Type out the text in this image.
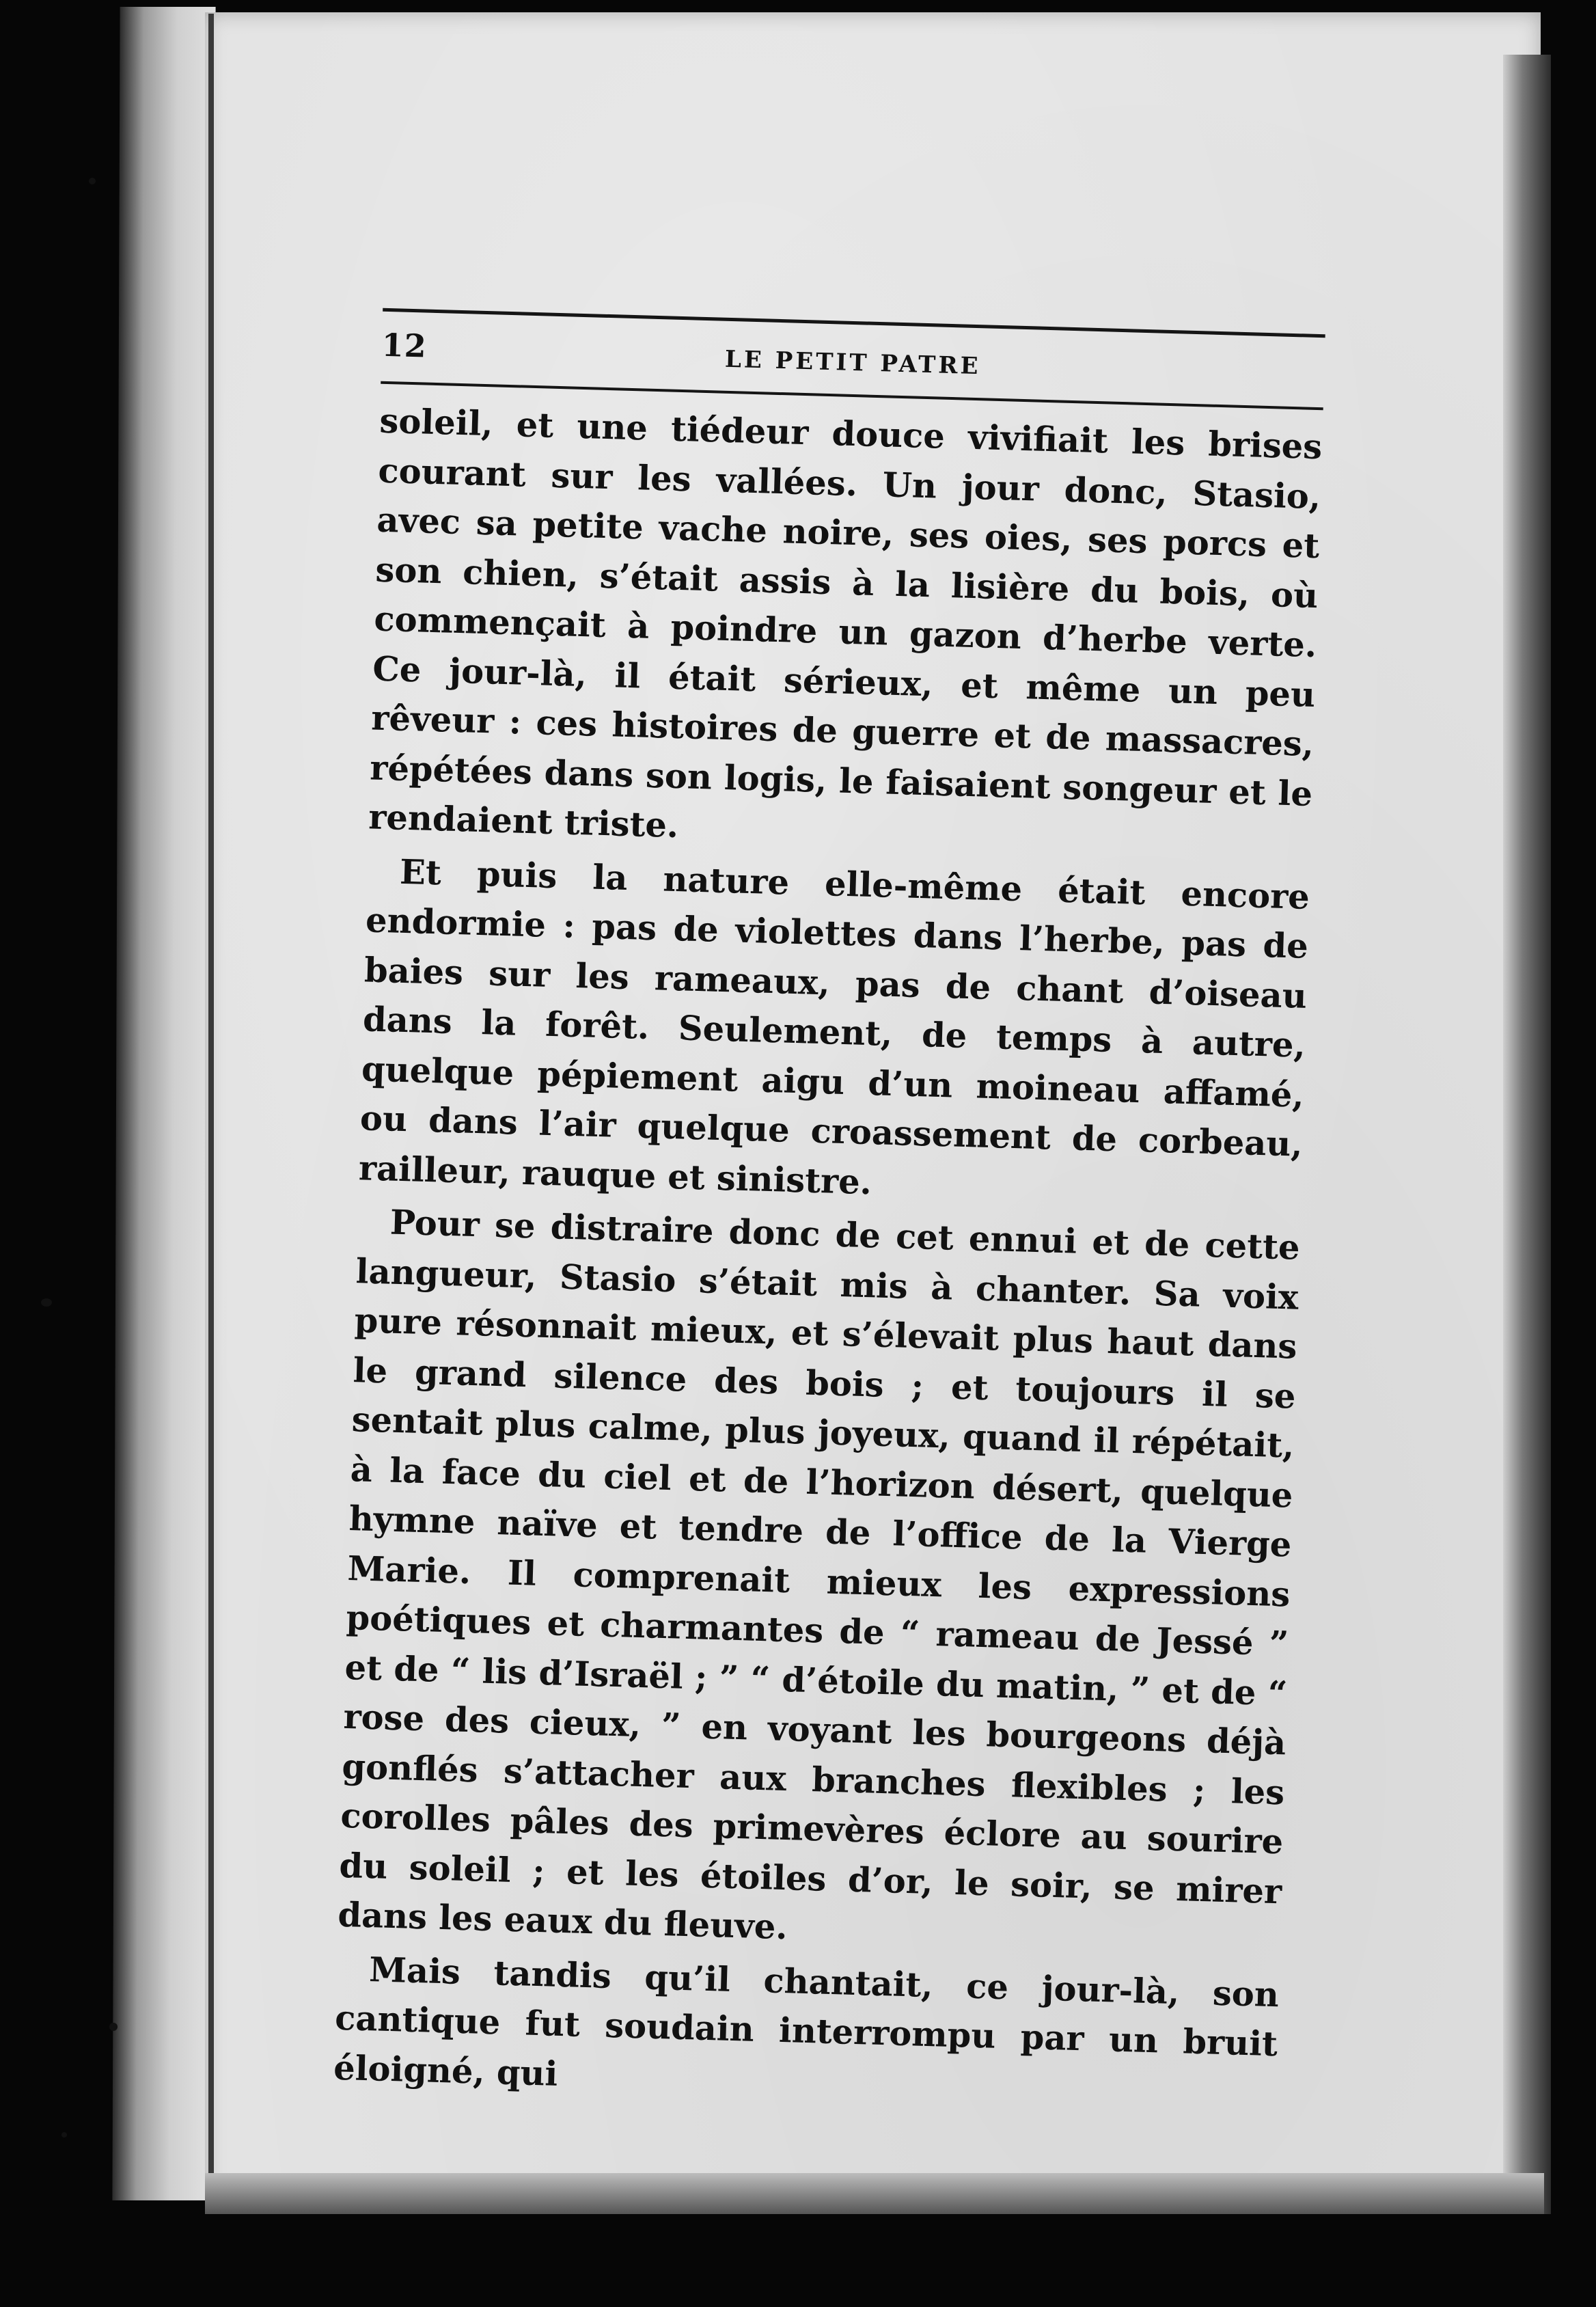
12	LE PETIT PATRE

soleil, et une tiédeur douce vivifiait les brises courant sur les vallées. Un jour donc, Stasio, avec sa petite vache noire, ses oies, ses porcs et son chien, s’était assis à la lisière du bois, où commençait à poindre un gazon d’herbe verte. Ce jour-là, il était sérieux, et même un peu rêveur : ces histoires de guerre et de massacres, répétées dans son logis, le faisaient songeur et le rendaient triste.

Et puis la nature elle-même était encore endormie : pas de violettes dans l’herbe, pas de baies sur les rameaux, pas de chant d’oiseau dans la forêt. Seulement, de temps à autre, quelque pépiement aigu d’un moineau affamé, ou dans l’air quelque croassement de corbeau, railleur, rauque et sinistre.

Pour se distraire donc de cet ennui et de cette langueur, Stasio s’était mis à chanter. Sa voix pure résonnait mieux, et s’élevait plus haut dans le grand silence des bois ; et toujours il se sentait plus calme, plus joyeux, quand il répétait, à la face du ciel et de l’horizon désert, quelque hymne naïve et tendre de l’office de la Vierge Marie. Il comprenait mieux les expressions poétiques et charmantes de “ rameau de Jessé ” et de “ lis d’Israël ; ” “ d’étoile du matin, ” et de “ rose des cieux, ” en voyant les bourgeons déjà gonflés s’attacher aux branches flexibles ; les corolles pâles des primevères éclore au sourire du soleil ; et les étoiles d’or, le soir, se mirer dans les eaux du fleuve.

Mais tandis qu’il chantait, ce jour-là, son cantique fut soudain interrompu par un bruit éloigné, qui
